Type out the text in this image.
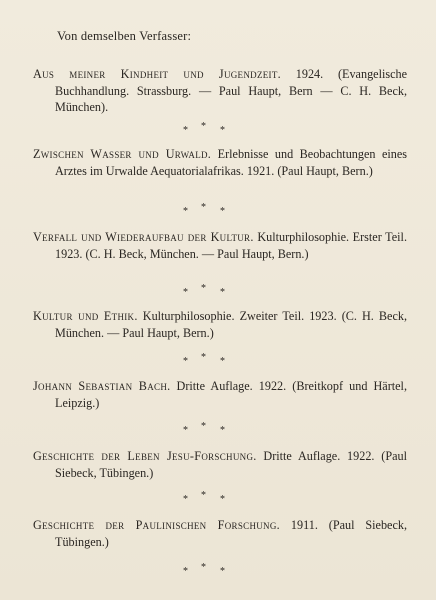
Von demselben Verfasser:
Aus meiner Kindheit und Jugendzeit. 1924. (Evangelische Buchhandlung. Strassburg. — Paul Haupt, Bern — C. H. Beck, München).
* * *
Zwischen Wasser und Urwald. Erlebnisse und Beobachtungen eines Arztes im Urwalde Aequatorialafrikas. 1921. (Paul Haupt, Bern.)
* * *
Verfall und Wiederaufbau der Kultur. Kulturphilosophie. Erster Teil. 1923. (C. H. Beck, München. — Paul Haupt, Bern.)
* * *
Kultur und Ethik. Kulturphilosophie. Zweiter Teil. 1923. (C. H. Beck, München. — Paul Haupt, Bern.)
* * *
Johann Sebastian Bach. Dritte Auflage. 1922. (Breitkopf und Härtel, Leipzig.)
* * *
Geschichte der Leben Jesu-Forschung. Dritte Auflage. 1922. (Paul Siebeck, Tübingen.)
* * *
Geschichte der Paulinischen Forschung. 1911. (Paul Siebeck, Tübingen.)
* * *
